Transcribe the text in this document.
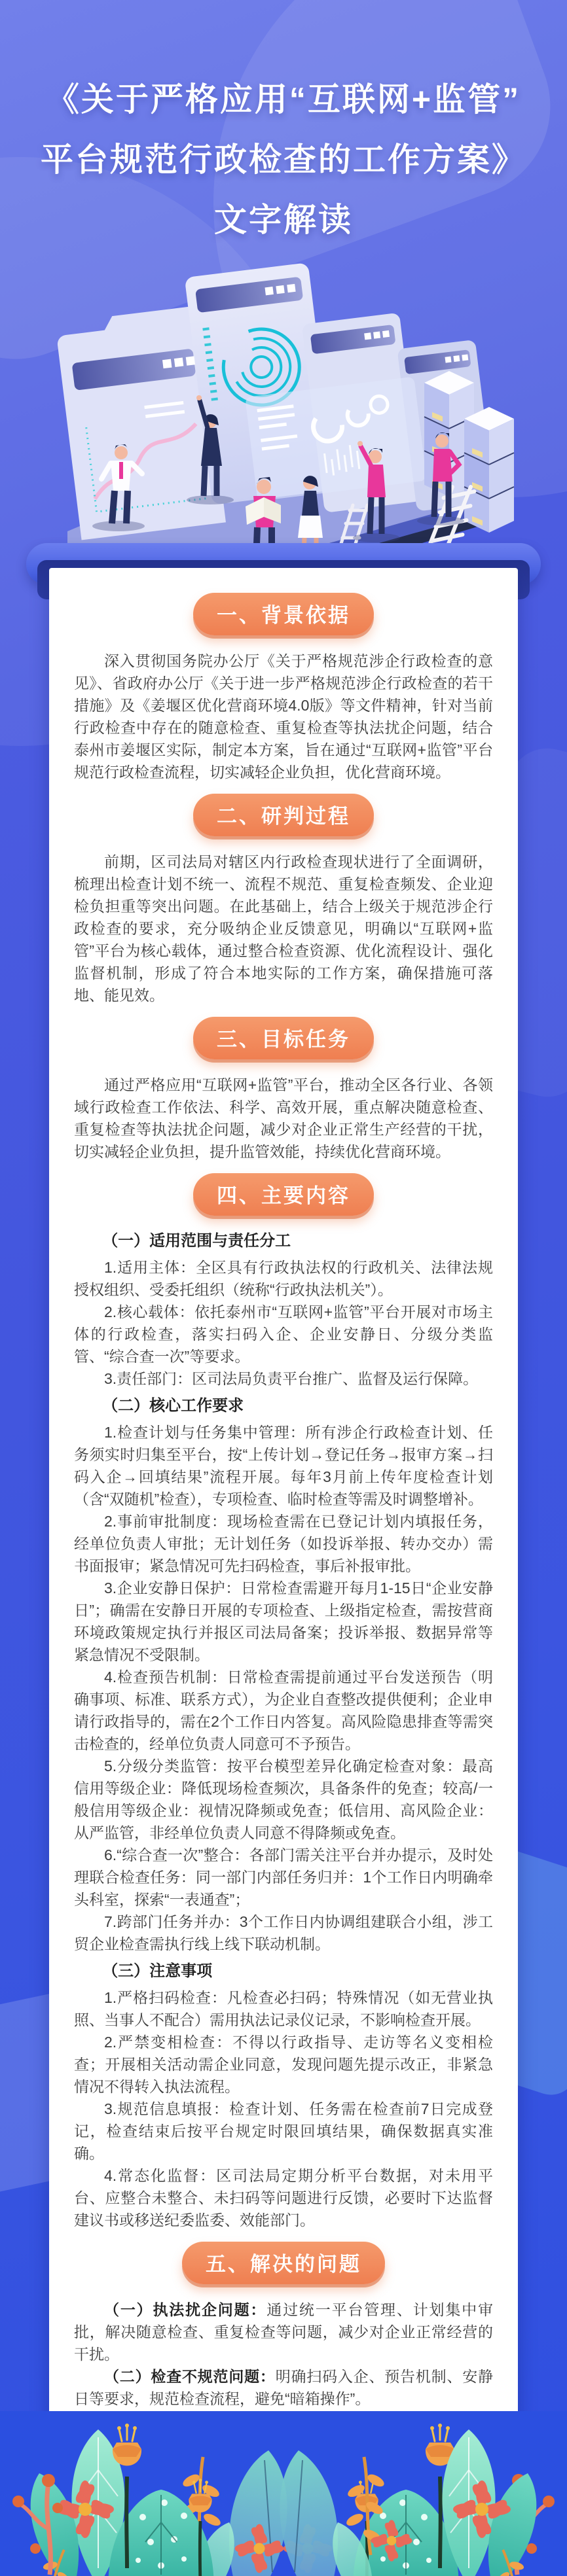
《关于严格应用“互联网+监管”
平台规范行政检查的工作方案》
文字解读
一、背景依据

深入贯彻国务院办公厅《关于严格规范涉企行政检查的意见》、省政府办公厅《关于进一步严格规范涉企行政检查的若干措施》及《姜堰区优化营商环境4.0版》等文件精神，针对当前行政检查中存在的随意检查、重复检查等执法扰企问题，结合泰州市姜堰区实际，制定本方案，旨在通过“互联网+监管”平台规范行政检查流程，切实减轻企业负担，优化营商环境。

二、研判过程

前期，区司法局对辖区内行政检查现状进行了全面调研，梳理出检查计划不统一、流程不规范、重复检查频发、企业迎检负担重等突出问题。在此基础上，结合上级关于规范涉企行政检查的要求，充分吸纳企业反馈意见，明确以“互联网+监管”平台为核心载体，通过整合检查资源、优化流程设计、强化监督机制，形成了符合本地实际的工作方案，确保措施可落地、能见效。

三、目标任务

通过严格应用“互联网+监管”平台，推动全区各行业、各领域行政检查工作依法、科学、高效开展，重点解决随意检查、重复检查等执法扰企问题，减少对企业正常生产经营的干扰，切实减轻企业负担，提升监管效能，持续优化营商环境。

四、主要内容
（一）适用范围与责任分工

1.适用主体：全区具有行政执法权的行政机关、法律法规授权组织、受委托组织（统称“行政执法机关”）。

2.核心载体：依托泰州市“互联网+监管”平台开展对市场主体的行政检查，落实扫码入企、企业安静日、分级分类监管、“综合查一次”等要求。

3.责任部门：区司法局负责平台推广、监督及运行保障。

（二）核心工作要求

1.检查计划与任务集中管理：所有涉企行政检查计划、任务须实时归集至平台，按“上传计划→登记任务→报审方案→扫码入企→回填结果”流程开展。每年3月前上传年度检查计划（含“双随机”检查），专项检查、临时检查等需及时调整增补。

2.事前审批制度：现场检查需在已登记计划内填报任务，经单位负责人审批；无计划任务（如投诉举报、转办交办）需书面报审；紧急情况可先扫码检查，事后补报审批。

3.企业安静日保护：日常检查需避开每月1-15日“企业安静日”；确需在安静日开展的专项检查、上级指定检查，需按营商环境政策规定执行并报区司法局备案；投诉举报、数据异常等紧急情况不受限制。

4.检查预告机制：日常检查需提前通过平台发送预告（明确事项、标准、联系方式），为企业自查整改提供便利；企业申请行政指导的，需在2个工作日内答复。高风险隐患排查等需突击检查的，经单位负责人同意可不予预告。

5.分级分类监管：按平台模型差异化确定检查对象：最高信用等级企业：降低现场检查频次，具备条件的免查；较高/一般信用等级企业：视情况降频或免查；低信用、高风险企业：从严监管，非经单位负责人同意不得降频或免查。

6.“综合查一次”整合：各部门需关注平台并办提示，及时处理联合检查任务：同一部门内部任务归并：1个工作日内明确牵头科室，探索“一表通查”；

7.跨部门任务并办：3个工作日内协调组建联合小组，涉工贸企业检查需执行线上线下联动机制。

（三）注意事项

1.严格扫码检查：凡检查必扫码；特殊情况（如无营业执照、当事人不配合）需用执法记录仪记录，不影响检查开展。

2.严禁变相检查：不得以行政指导、走访等名义变相检查；开展相关活动需企业同意，发现问题先提示改正，非紧急情况不得转入执法流程。

3.规范信息填报：检查计划、任务需在检查前7日完成登记，检查结束后按平台规定时限回填结果，确保数据真实准确。

4.常态化监督：区司法局定期分析平台数据，对未用平台、应整合未整合、未扫码等问题进行反馈，必要时下达监督建议书或移送纪委监委、效能部门。

五、解决的问题

（一）执法扰企问题：通过统一平台管理、计划集中审批，解决随意检查、重复检查等问题，减少对企业正常经营的干扰。

（二）检查不规范问题：明确扫码入企、预告机制、安静日等要求，规范检查流程，避免“暗箱操作”。
